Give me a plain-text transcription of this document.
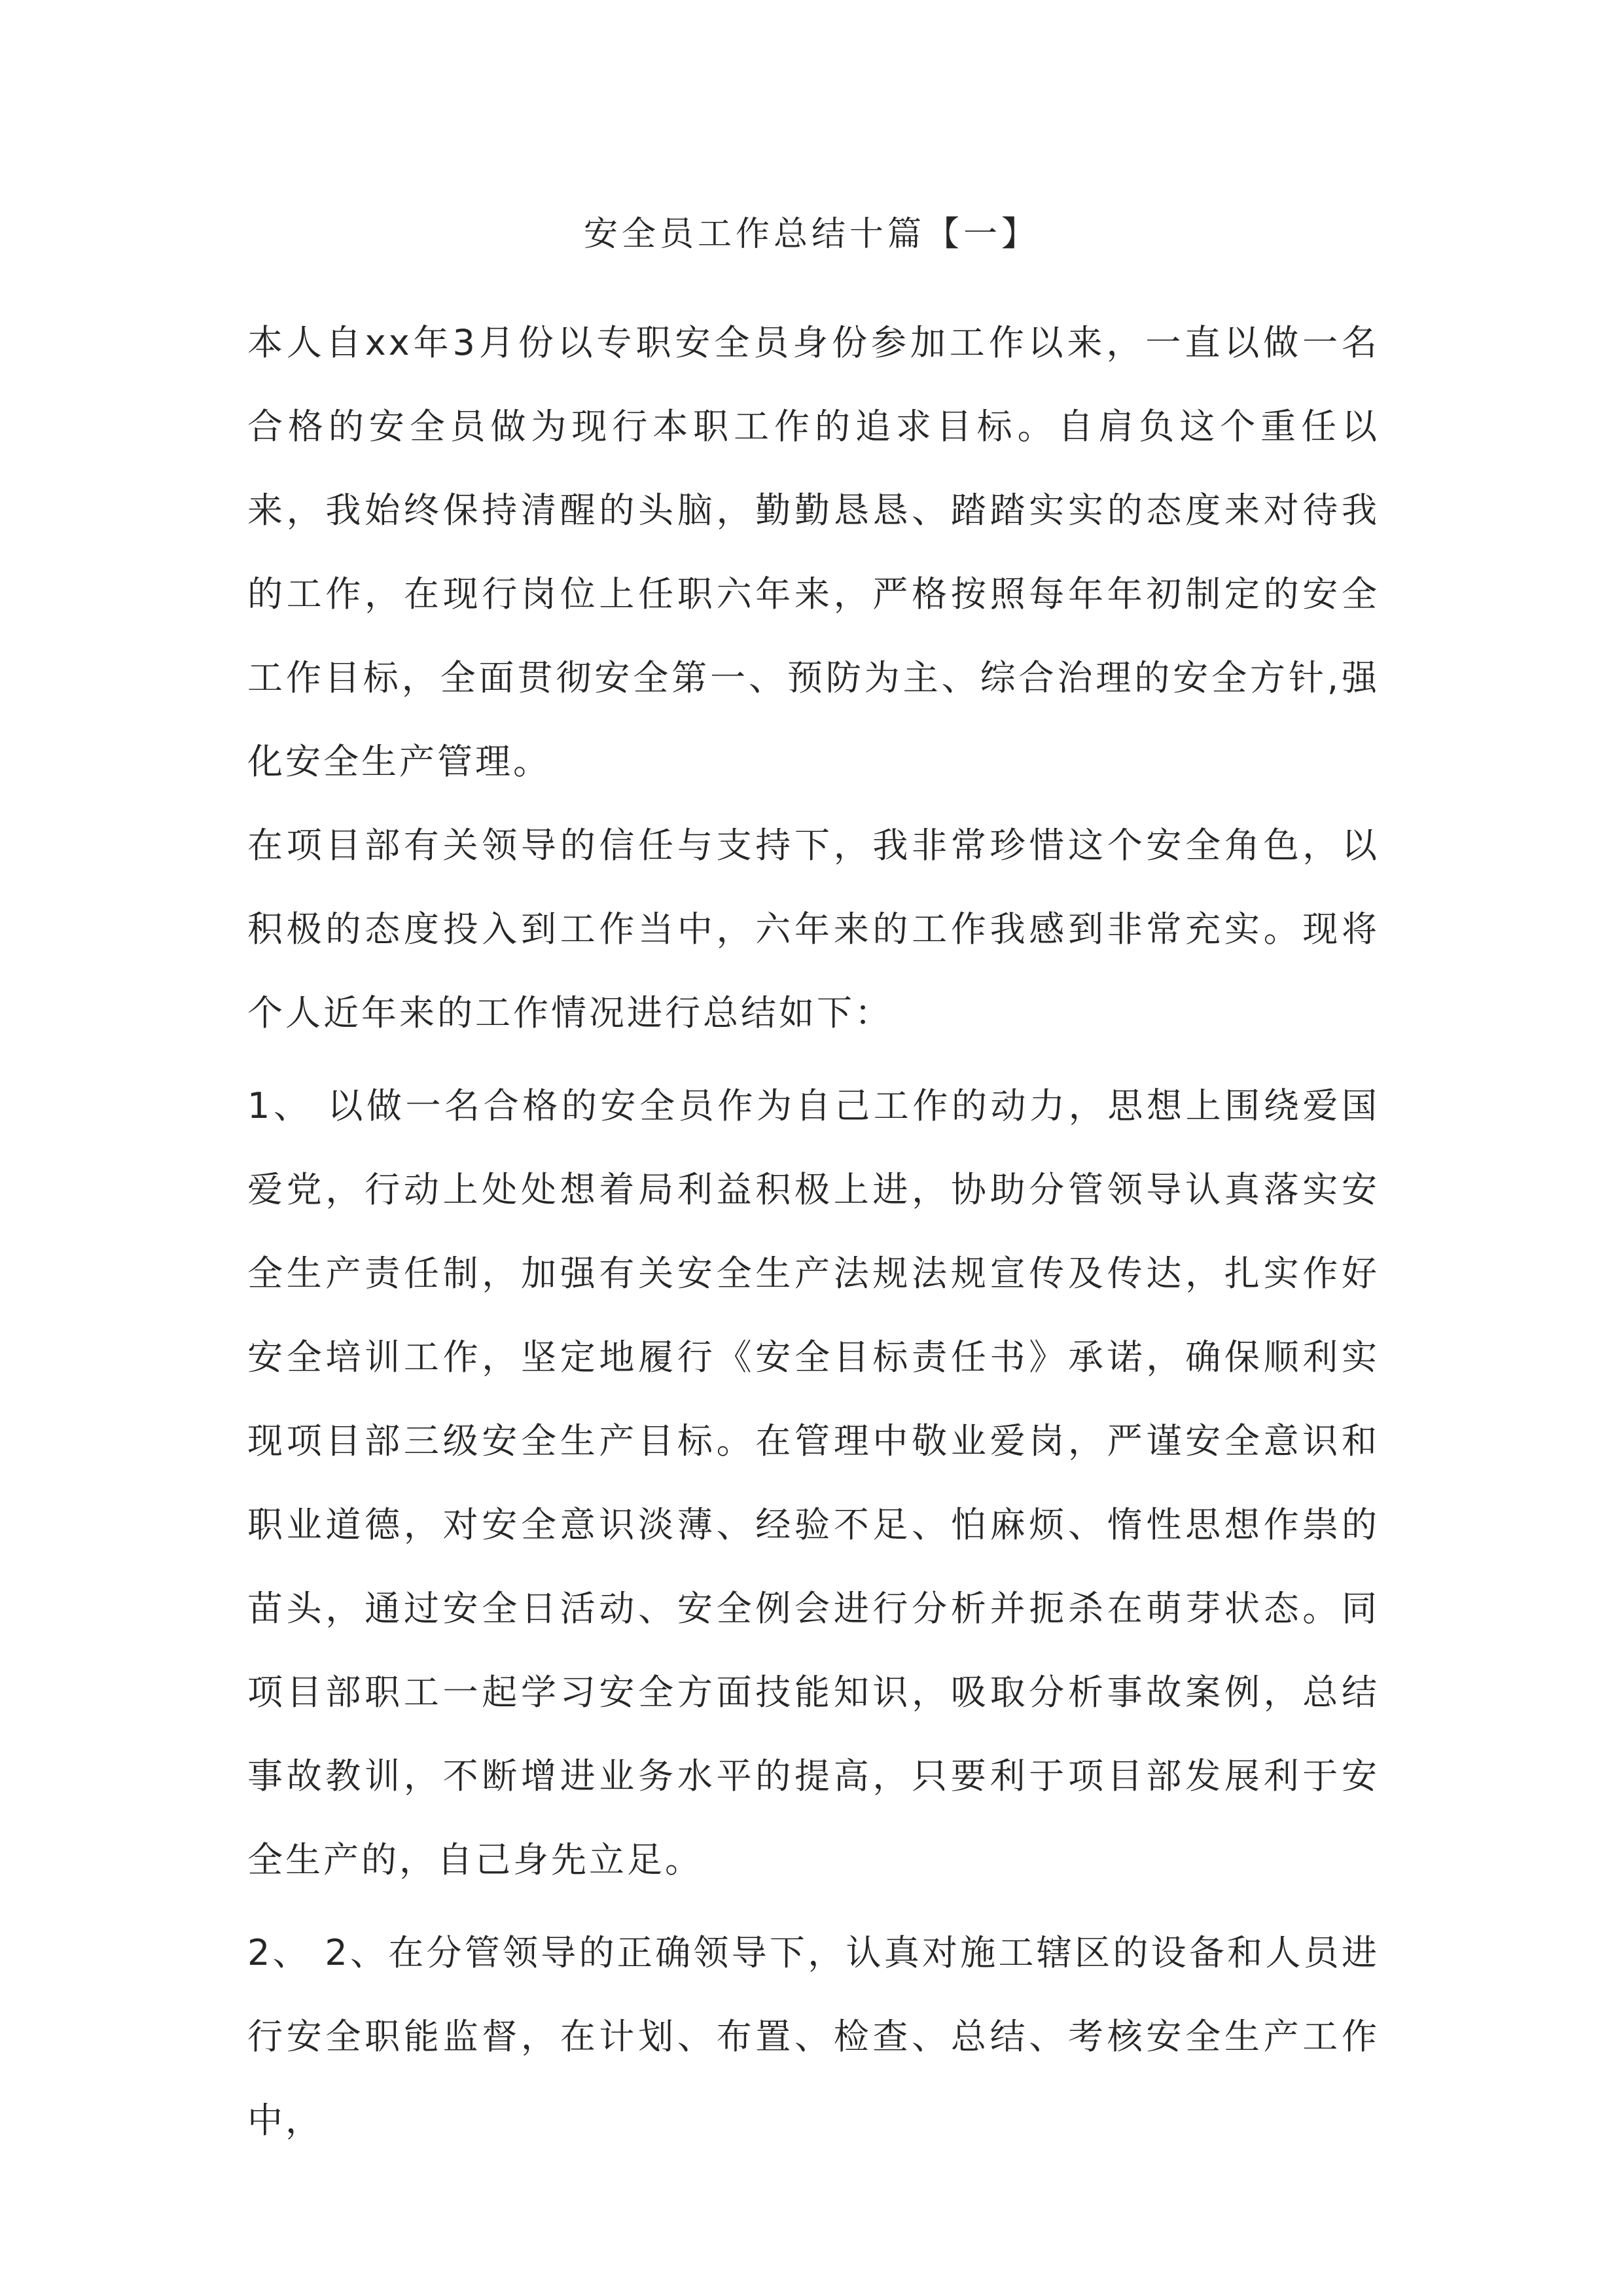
安全员工作总结十篇【一】

本人自xx年3月份以专职安全员身份参加工作以来，一直以做一名合格的安全员做为现行本职工作的追求目标。自肩负这个重任以来，我始终保持清醒的头脑，勤勤恳恳、踏踏实实的态度来对待我的工作，在现行岗位上任职六年来，严格按照每年年初制定的安全工作目标，全面贯彻安全第一、预防为主、综合治理的安全方针,强化安全生产管理。

在项目部有关领导的信任与支持下，我非常珍惜这个安全角色，以积极的态度投入到工作当中，六年来的工作我感到非常充实。现将个人近年来的工作情况进行总结如下：

1、 以做一名合格的安全员作为自己工作的动力，思想上围绕爱国爱党，行动上处处想着局利益积极上进，协助分管领导认真落实安全生产责任制，加强有关安全生产法规法规宣传及传达，扎实作好安全培训工作，坚定地履行《安全目标责任书》承诺，确保顺利实现项目部三级安全生产目标。在管理中敬业爱岗，严谨安全意识和职业道德，对安全意识淡薄、经验不足、怕麻烦、惰性思想作祟的苗头，通过安全日活动、安全例会进行分析并扼杀在萌芽状态。同项目部职工一起学习安全方面技能知识，吸取分析事故案例，总结事故教训，不断增进业务水平的提高，只要利于项目部发展利于安全生产的，自己身先立足。

2、 2、在分管领导的正确领导下，认真对施工辖区的设备和人员进行安全职能监督，在计划、布置、检查、总结、考核安全生产工作中，
